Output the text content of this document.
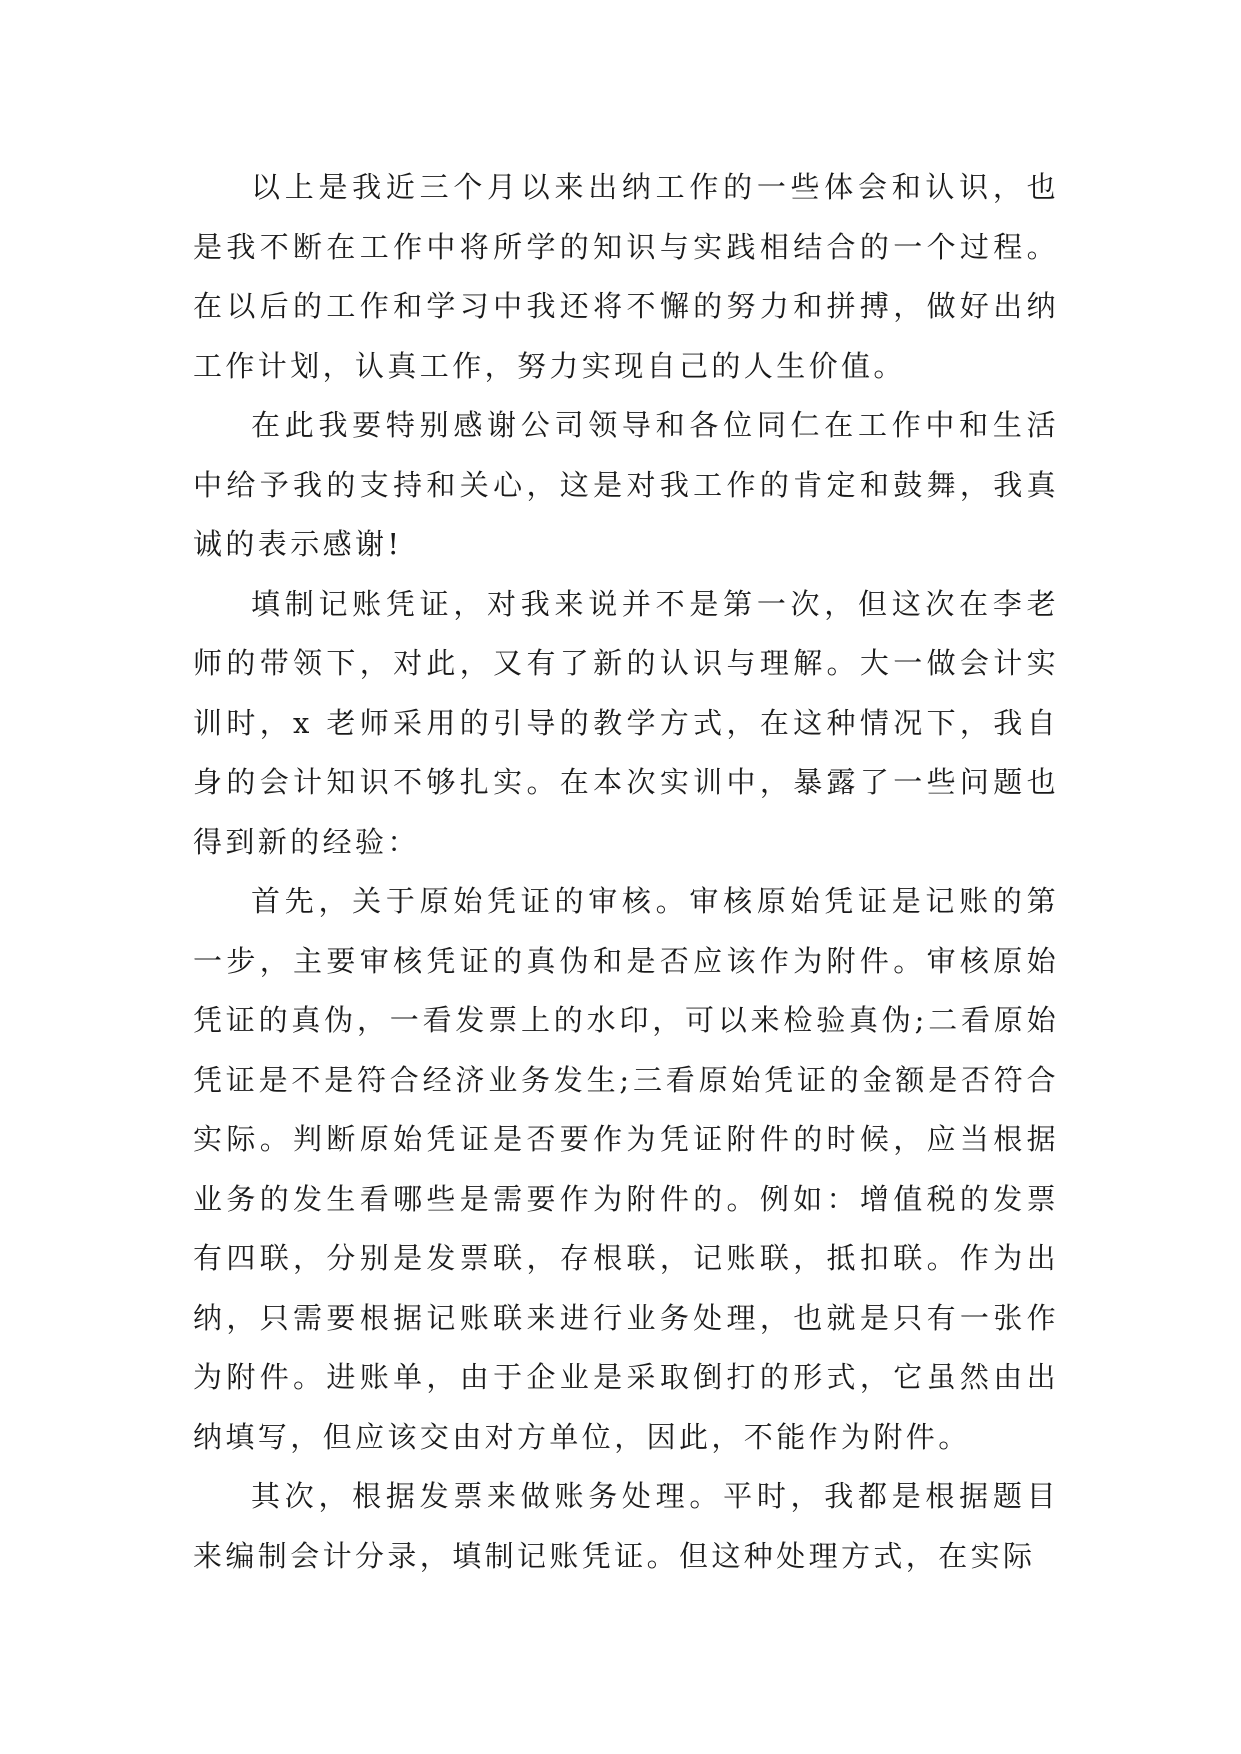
以上是我近三个月以来出纳工作的一些体会和认识，也是我不断在工作中将所学的知识与实践相结合的一个过程。在以后的工作和学习中我还将不懈的努力和拼搏，做好出纳工作计划，认真工作，努力实现自己的人生价值。

在此我要特别感谢公司领导和各位同仁在工作中和生活中给予我的支持和关心，这是对我工作的肯定和鼓舞，我真诚的表示感谢!

填制记账凭证，对我来说并不是第一次，但这次在李老师的带领下，对此，又有了新的认识与理解。大一做会计实训时，x 老师采用的引导的教学方式，在这种情况下，我自身的会计知识不够扎实。在本次实训中，暴露了一些问题也得到新的经验：

首先，关于原始凭证的审核。审核原始凭证是记账的第一步，主要审核凭证的真伪和是否应该作为附件。审核原始凭证的真伪，一看发票上的水印，可以来检验真伪;二看原始凭证是不是符合经济业务发生;三看原始凭证的金额是否符合实际。判断原始凭证是否要作为凭证附件的时候，应当根据业务的发生看哪些是需要作为附件的。例如：增值税的发票有四联，分别是发票联，存根联，记账联，抵扣联。作为出纳，只需要根据记账联来进行业务处理，也就是只有一张作为附件。进账单，由于企业是采取倒打的形式，它虽然由出纳填写，但应该交由对方单位，因此，不能作为附件。

其次，根据发票来做账务处理。平时，我都是根据题目来编制会计分录，填制记账凭证。但这种处理方式，在实际
